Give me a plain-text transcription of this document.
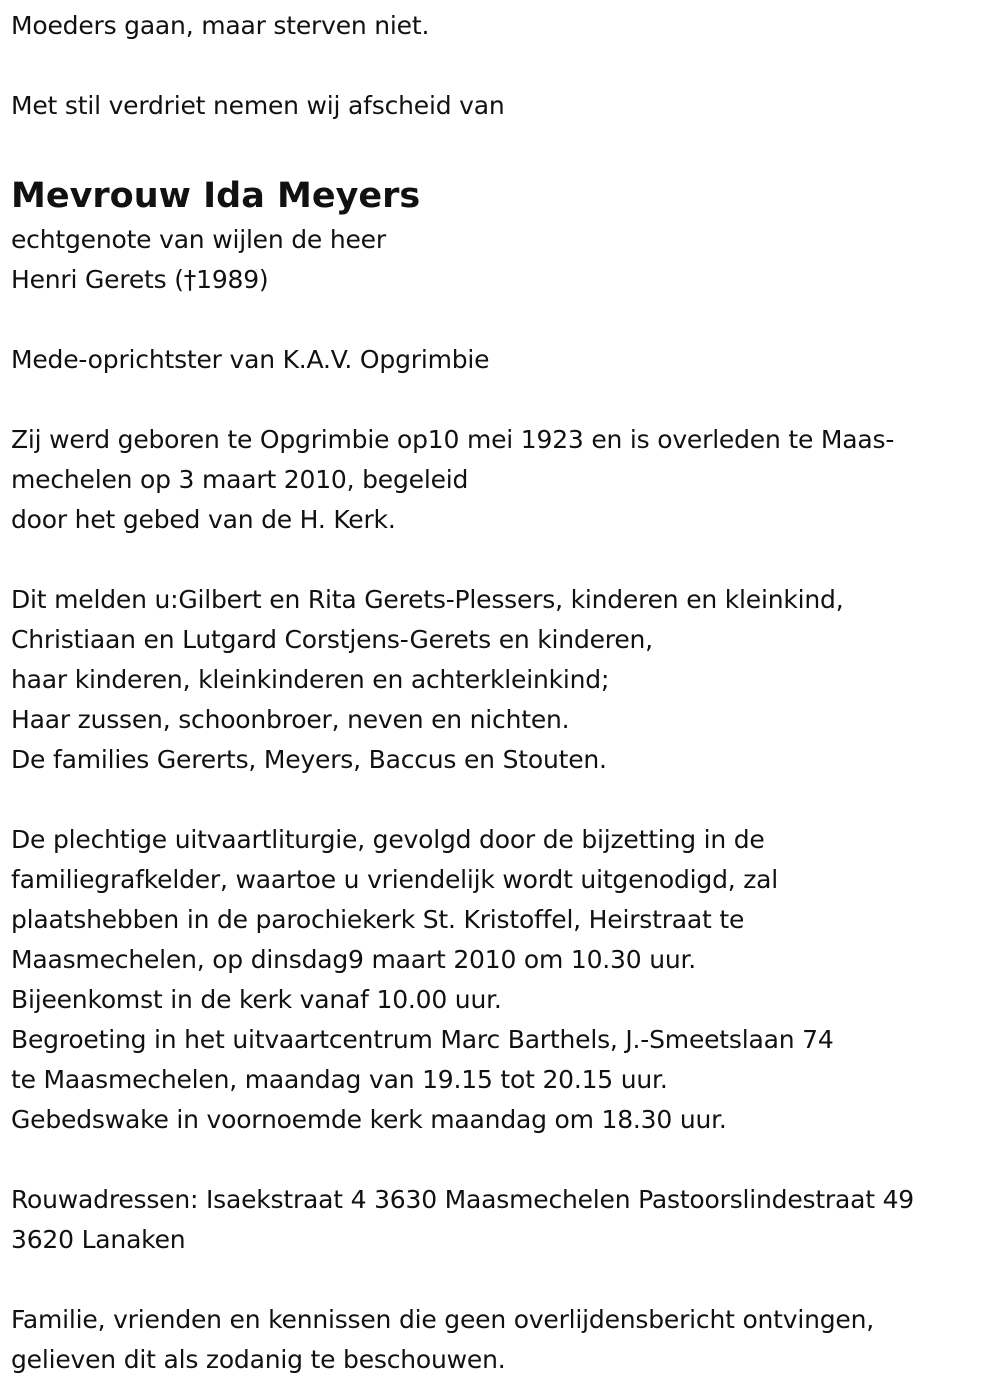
Moeders gaan, maar sterven niet.
Met stil verdriet nemen wij afscheid van
Mevrouw Ida Meyers
echtgenote van wijlen de heer
Henri Gerets (†1989)
Mede-oprichtster van K.A.V. Opgrimbie
Zij werd geboren te Opgrimbie op10 mei 1923 en is overleden te Maas-
mechelen op 3 maart 2010, begeleid
door het gebed van de H. Kerk.
Dit melden u:Gilbert en Rita Gerets-Plessers, kinderen en kleinkind,
Christiaan en Lutgard Corstjens-Gerets en kinderen,
haar kinderen, kleinkinderen en achterkleinkind;
Haar zussen, schoonbroer, neven en nichten.
De families Gererts, Meyers, Baccus en Stouten.
De plechtige uitvaartliturgie, gevolgd door de bijzetting in de
familiegrafkelder, waartoe u vriendelijk wordt uitgenodigd, zal
plaatshebben in de parochiekerk St. Kristoffel, Heirstraat te
Maasmechelen, op dinsdag9 maart 2010 om 10.30 uur.
Bijeenkomst in de kerk vanaf 10.00 uur.
Begroeting in het uitvaartcentrum Marc Barthels, J.-Smeetslaan 74
te Maasmechelen, maandag van 19.15 tot 20.15 uur.
Gebedswake in voornoemde kerk maandag om 18.30 uur.
Rouwadressen: Isaekstraat 4 3630 Maasmechelen Pastoorslindestraat 49
3620 Lanaken
Familie, vrienden en kennissen die geen overlijdensbericht ontvingen,
gelieven dit als zodanig te beschouwen.
